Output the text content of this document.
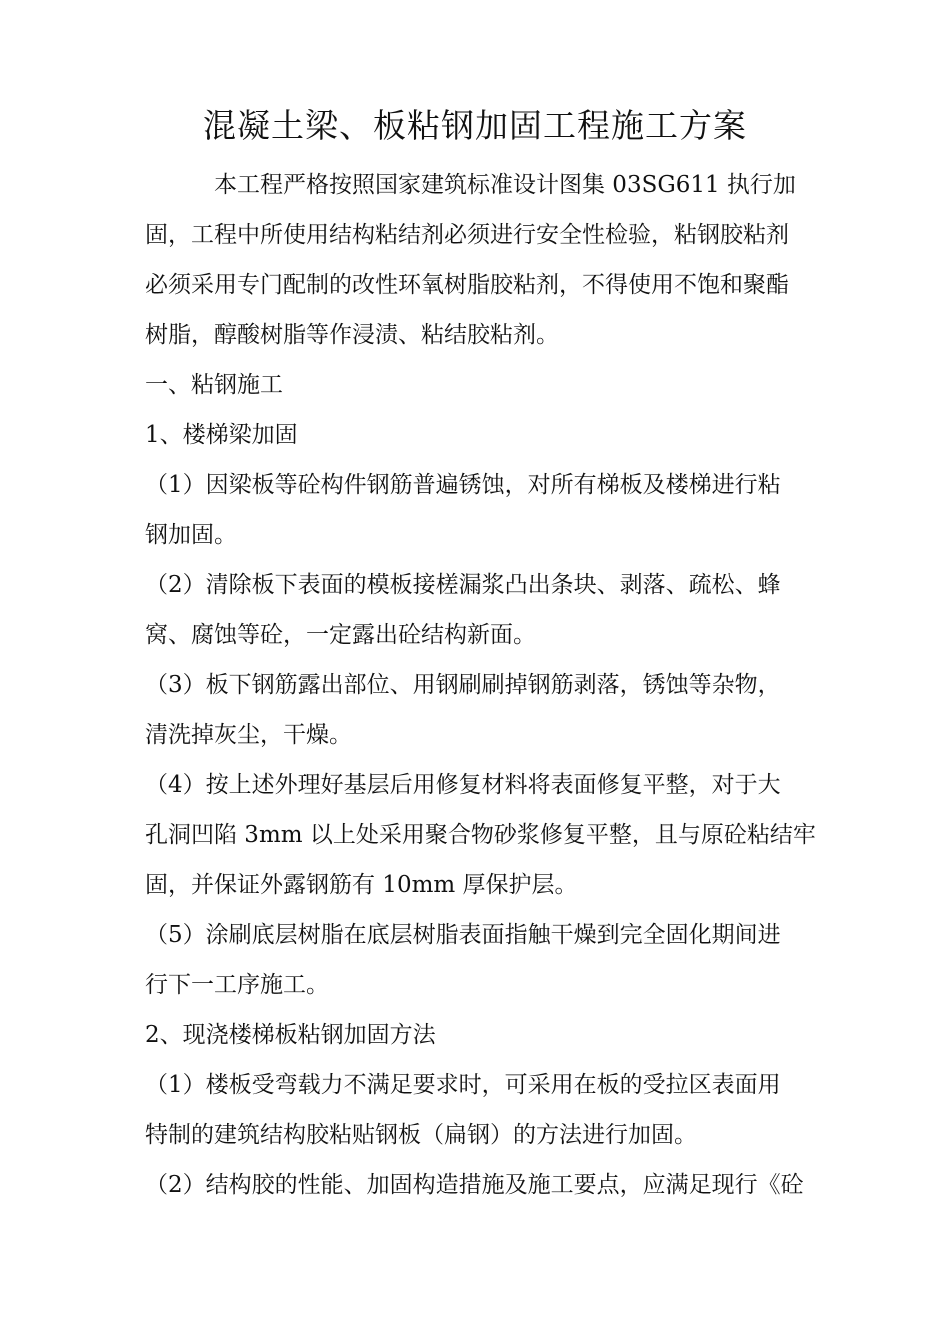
混凝土梁、板粘钢加固工程施工方案
本工程严格按照国家建筑标准设计图集 03SG611 执行加
固，工程中所使用结构粘结剂必须进行安全性检验，粘钢胶粘剂
必须采用专门配制的改性环氧树脂胶粘剂，不得使用不饱和聚酯
树脂，醇酸树脂等作浸渍、粘结胶粘剂。
一、粘钢施工
1、楼梯梁加固
（1）因梁板等砼构件钢筋普遍锈蚀，对所有梯板及楼梯进行粘
钢加固。
（2）清除板下表面的模板接槎漏浆凸出条块、剥落、疏松、蜂
窝、腐蚀等砼，一定露出砼结构新面。
（3）板下钢筋露出部位、用钢刷刷掉钢筋剥落，锈蚀等杂物，
清洗掉灰尘，干燥。
（4）按上述外理好基层后用修复材料将表面修复平整，对于大
孔洞凹陷 3mm 以上处采用聚合物砂浆修复平整，且与原砼粘结牢
固，并保证外露钢筋有 10mm 厚保护层。
（5）涂刷底层树脂在底层树脂表面指触干燥到完全固化期间进
行下一工序施工。
2、现浇楼梯板粘钢加固方法
（1）楼板受弯载力不满足要求时，可采用在板的受拉区表面用
特制的建筑结构胶粘贴钢板（扁钢）的方法进行加固。
（2）结构胶的性能、加固构造措施及施工要点，应满足现行《砼
